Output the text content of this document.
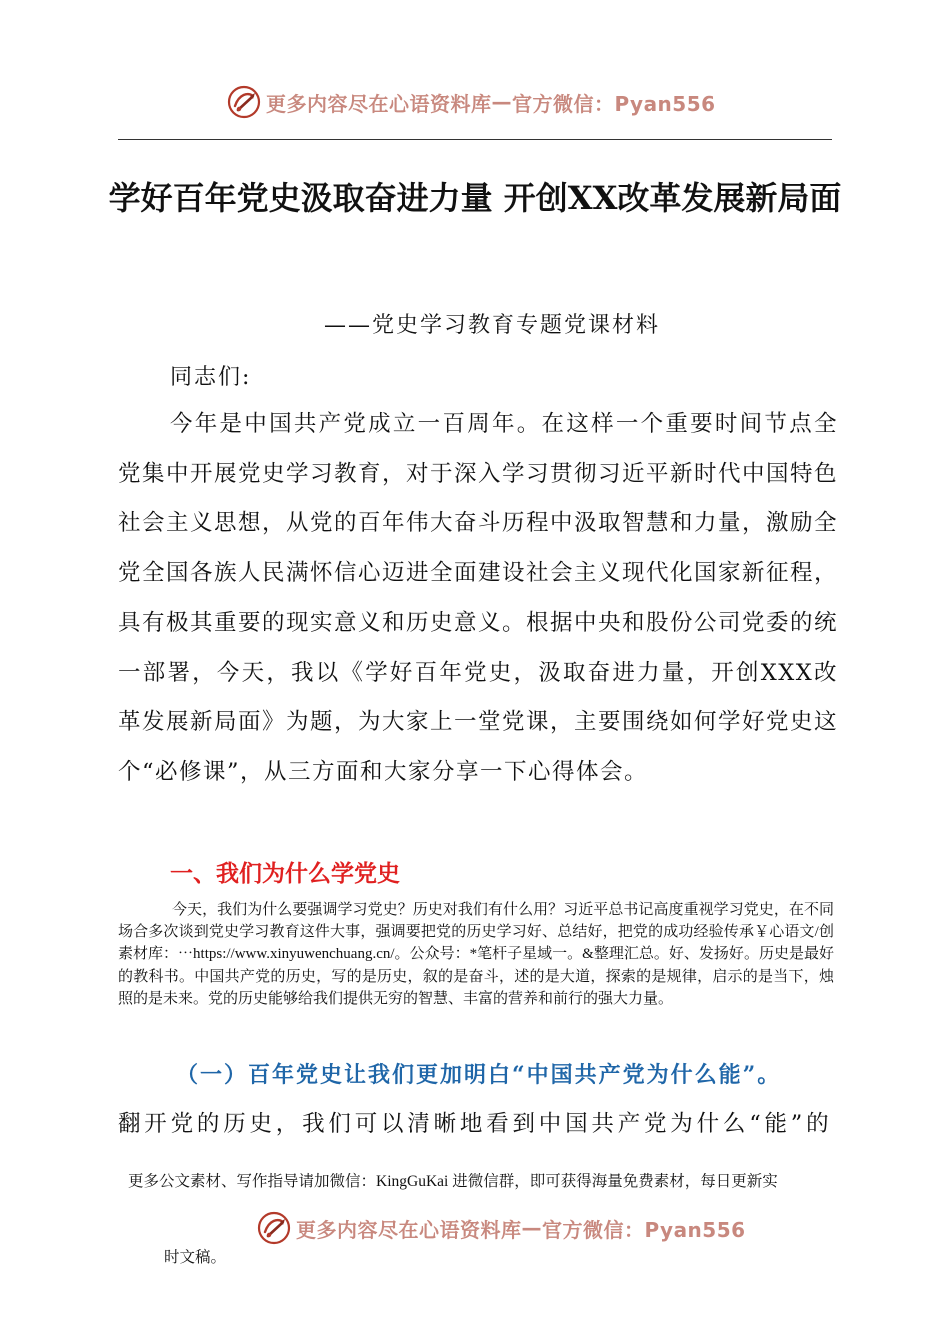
更多内容尽在心语资料库 — 官方微信：Pyan556
学好百年党史汲取奋进力量 开创XX改革发展新局面
——党史学习教育专题党课材料
同志们:

今年是中国共产党成立一百周年。在这样一个重要时间节点全党集中开展党史学习教育，对于深入学习贯彻习近平新时代中国特色社会主义思想，从党的百年伟大奋斗历程中汲取智慧和力量，激励全党全国各族人民满怀信心迈进全面建设社会主义现代化国家新征程，具有极其重要的现实意义和历史意义。根据中央和股份公司党委的统一部署，今天，我以《学好百年党史，汲取奋进力量，开创XXX改革发展新局面》为题，为大家上一堂党课，主要围绕如何学好党史这个“必修课”，从三方面和大家分享一下心得体会。

一、我们为什么学党史

今天，我们为什么要强调学习党史？历史对我们有什么用？习近平总书记高度重视学习党史，在不同场合多次谈到党史学习教育这件大事，强调要把党的历史学习好、总结好，把党的成功经验传承￥心语文/创素材库：⋯https://www.xinyuwenchuang.cn/。公众号：*笔杆子星域一。&整理汇总。好、发扬好。历史是最好的教科书。中国共产党的历史，写的是历史，叙的是奋斗，述的是大道，探索的是规律，启示的是当下，烛照的是未来。党的历史能够给我们提供无穷的智慧、丰富的营养和前行的强大力量。

（一）百年党史让我们更加明白“中国共产党为什么能”。

翻开党的历史，我们可以清晰地看到中国共产党为什么“能”的

更多公文素材、写作指导请加微信：KingGuKai 进微信群，即可获得海量免费素材，每日更新实

更多内容尽在心语资料库 — 官方微信：Pyan556

时文稿。
